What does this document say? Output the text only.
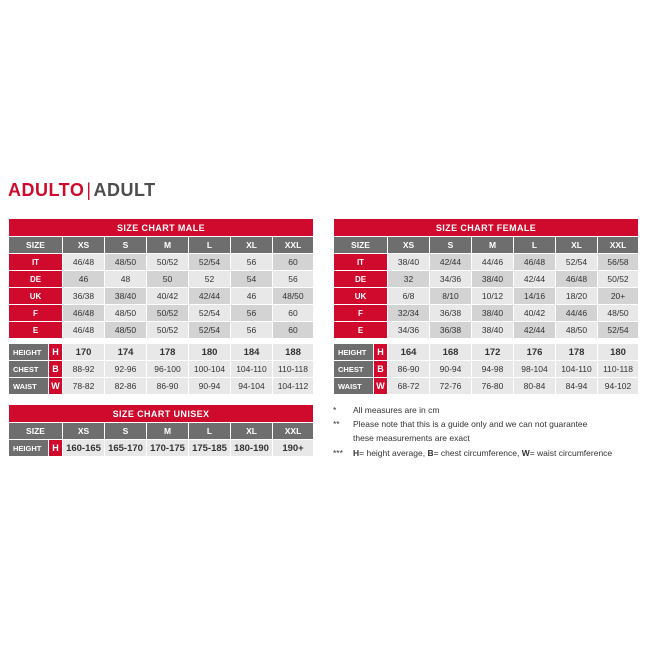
ADULTO | ADULT
SIZE CHART MALE							
SIZE		XS	S	M	L	XL	XXL
IT		46/48	48/50	50/52	52/54	56	60
DE		46	48	50	52	54	56
UK		36/38	38/40	40/42	42/44	46	48/50
F		46/48	48/50	50/52	52/54	56	60
E		46/48	48/50	50/52	52/54	56	60

HEIGHT	H	170	174	178	180	184	188
CHEST	B	88-92	92-96	96-100	100-104	104-110	110-118
WAIST	W	78-82	82-86	86-90	90-94	94-104	104-112
SIZE CHART FEMALE							
SIZE		XS	S	M	L	XL	XXL
IT		38/40	42/44	44/46	46/48	52/54	56/58
DE		32	34/36	38/40	42/44	46/48	50/52
UK		6/8	8/10	10/12	14/16	18/20	20+
F		32/34	36/38	38/40	40/42	44/46	48/50
E		34/36	36/38	38/40	42/44	48/50	52/54

HEIGHT	H	164	168	172	176	178	180
CHEST	B	86-90	90-94	94-98	98-104	104-110	110-118
WAIST	W	68-72	72-76	76-80	80-84	84-94	94-102
SIZE CHART UNISEX							
SIZE		XS	S	M	L	XL	XXL
HEIGHT	H	160-165	165-170	170-175	175-185	180-190	190+
*	All measures are in cm
**	Please note that this is a guide only and we can not guarantee
these measurements are exact
***	H= height average, B= chest circumference, W= waist circumference
